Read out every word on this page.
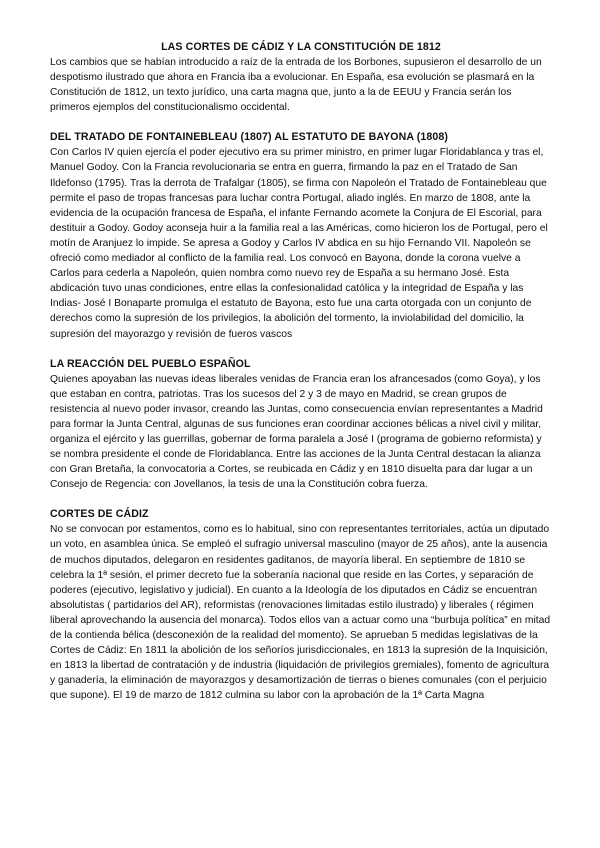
LAS CORTES DE CÁDIZ Y LA CONSTITUCIÓN DE 1812

Los cambios que se habían introducido a raíz de la entrada de los Borbones, supusieron el desarrollo de un despotismo ilustrado que ahora en Francia iba a evolucionar. En España, esa evolución se plasmará en la Constitución de 1812, un texto jurídico, una carta magna que, junto a la de EEUU y Francia serán los primeros ejemplos del constitucionalismo occidental.

DEL TRATADO DE FONTAINEBLEAU (1807) AL ESTATUTO DE BAYONA (1808)

Con Carlos IV quien ejercía el poder ejecutivo era su primer ministro, en primer lugar Floridablanca y tras el, Manuel Godoy. Con la Francia revolucionaria se entra en guerra, firmando la paz en el Tratado de San Ildefonso (1795). Tras la derrota de Trafalgar (1805), se firma con Napoleón el Tratado de Fontainebleau que permite el paso de tropas francesas para luchar contra Portugal, aliado inglés. En marzo de 1808, ante la evidencia de la ocupación francesa de España, el infante Fernando acomete la Conjura de El Escorial, para destituir a Godoy. Godoy aconseja huir a la familia real a las Américas, como hicieron los de Portugal, pero el motín de Aranjuez lo impide. Se apresa a Godoy y Carlos IV abdica en su hijo Fernando VII. Napoleón se ofreció como mediador al conflicto de la familia real. Los convocó en Bayona, donde la corona vuelve a Carlos para cederla a Napoleón, quien nombra como nuevo rey de España a su hermano José. Esta abdicación tuvo unas condiciones, entre ellas la confesionalidad católica y la integridad de España y las Indias- José I Bonaparte promulga el estatuto de Bayona, esto fue una carta otorgada con un conjunto de derechos como la supresión de los privilegios, la abolición del tormento, la inviolabilidad del domicilio, la supresión del mayorazgo y revisión de fueros vascos

LA REACCIÓN DEL PUEBLO ESPAÑOL

Quienes apoyaban las nuevas ideas liberales venidas de Francia eran los afrancesados (como Goya), y los que estaban en contra, patriotas. Tras los sucesos del 2 y 3 de mayo en Madrid, se crean grupos de resistencia al nuevo poder invasor, creando las Juntas, como consecuencia envían representantes a Madrid para formar la Junta Central, algunas de sus funciones eran coordinar acciones bélicas a nivel civil y militar, organiza el ejército y las guerrillas, gobernar de forma paralela a José I (programa de gobierno reformista) y se nombra presidente el conde de Floridablanca. Entre las acciones de la Junta Central destacan la alianza con Gran Bretaña, la convocatoria a Cortes, se reubicada en Cádiz y en 1810 disuelta para dar lugar a un Consejo de Regencia: con Jovellanos, la tesis de una la Constitución cobra fuerza.

CORTES DE CÁDIZ

No se convocan por estamentos, como es lo habitual, sino con representantes territoriales, actúa un diputado un voto, en asamblea única. Se empleó el sufragio universal masculino (mayor de 25 años), ante la ausencia de muchos diputados, delegaron en residentes gaditanos, de mayoría liberal. En septiembre de 1810 se celebra la 1ª sesión, el primer decreto fue la soberanía nacional que reside en las Cortes, y separación de poderes (ejecutivo, legislativo y judicial). En cuanto a la Ideología de los diputados en Cádiz se encuentran absolutistas ( partidarios del AR), reformistas (renovaciones limitadas estilo ilustrado) y liberales ( régimen liberal aprovechando la ausencia del monarca). Todos ellos van a actuar como una “burbuja política” en mitad de la contienda bélica (desconexión de la realidad del momento). Se aprueban 5 medidas legislativas de la Cortes de Cádiz: En 1811 la abolición de los señoríos jurisdiccionales, en 1813 la supresión de la Inquisición, en 1813 la libertad de contratación y de industria (liquidación de privilegios gremiales), fomento de agricultura y ganadería, la eliminación de mayorazgos y desamortización de tierras o bienes comunales (con el perjuicio que supone). El 19 de marzo de 1812 culmina su labor con la aprobación de la 1ª Carta Magna
